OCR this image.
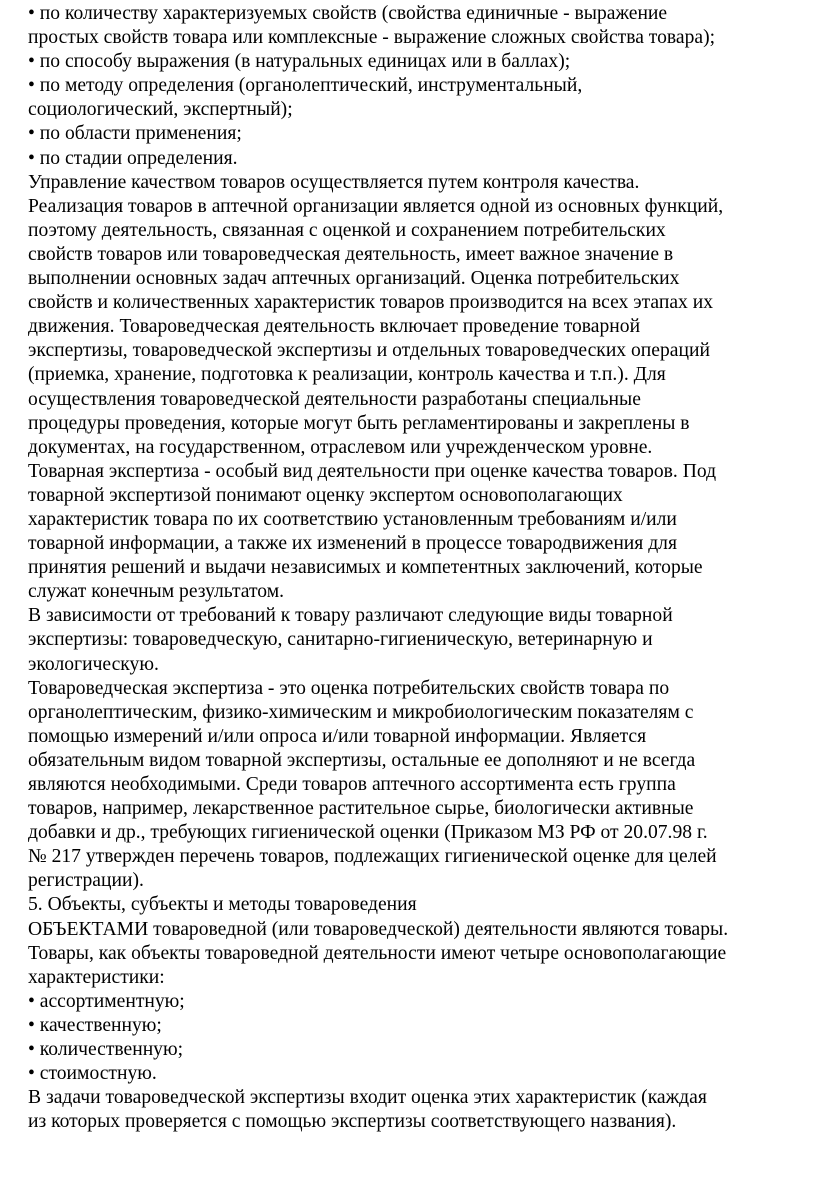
• по количеству характеризуемых свойств (свойства единичные - выражение

простых свойств товара или комплексные - выражение сложных свойства товара);

• по способу выражения (в натуральных единицах или в баллах);

• по методу определения (органолептический, инструментальный,

социологический, экспертный);

• по области применения;

• по стадии определения.

Управление качеством товаров осуществляется путем контроля качества.

Реализация товаров в аптечной организации является одной из основных функций,

поэтому деятельность, связанная с оценкой и сохранением потребительских

свойств товаров или товароведческая деятельность, имеет важное значение в

выполнении основных задач аптечных организаций. Оценка потребительских

свойств и количественных характеристик товаров производится на всех этапах их

движения. Товароведческая деятельность включает проведение товарной

экспертизы, товароведческой экспертизы и отдельных товароведческих операций

(приемка, хранение, подготовка к реализации, контроль качества и т.п.). Для

осуществления товароведческой деятельности разработаны специальные

процедуры проведения, которые могут быть регламентированы и закреплены в

документах, на государственном, отраслевом или учрежденческом уровне.

Товарная экспертиза - особый вид деятельности при оценке качества товаров. Под

товарной экспертизой понимают оценку экспертом основополагающих

характеристик товара по их соответствию установленным требованиям и/или

товарной информации, а также их изменений в процессе товародвижения для

принятия решений и выдачи независимых и компетентных заключений, которые

служат конечным результатом.

В зависимости от требований к товару различают следующие виды товарной

экспертизы: товароведческую, санитарно-гигиеническую, ветеринарную и

экологическую.

Товароведческая экспертиза - это оценка потребительских свойств товара по

органолептическим, физико-химическим и микробиологическим показателям с

помощью измерений и/или опроса и/или товарной информации. Является

обязательным видом товарной экспертизы, остальные ее дополняют и не всегда

являются необходимыми. Среди товаров аптечного ассортимента есть группа

товаров, например, лекарственное растительное сырье, биологически активные

добавки и др., требующих гигиенической оценки (Приказом МЗ РФ от 20.07.98 г.

№ 217 утвержден перечень товаров, подлежащих гигиенической оценке для целей

регистрации).

5. Объекты, субъекты и методы товароведения

ОБЪЕКТАМИ товароведной (или товароведческой) деятельности являются товары.

Товары, как объекты товароведной деятельности имеют четыре основополагающие

характеристики:

• ассортиментную;

• качественную;

• количественную;

• стоимостную.

В задачи товароведческой экспертизы входит оценка этих характеристик (каждая

из которых проверяется с помощью экспертизы соответствующего названия).
